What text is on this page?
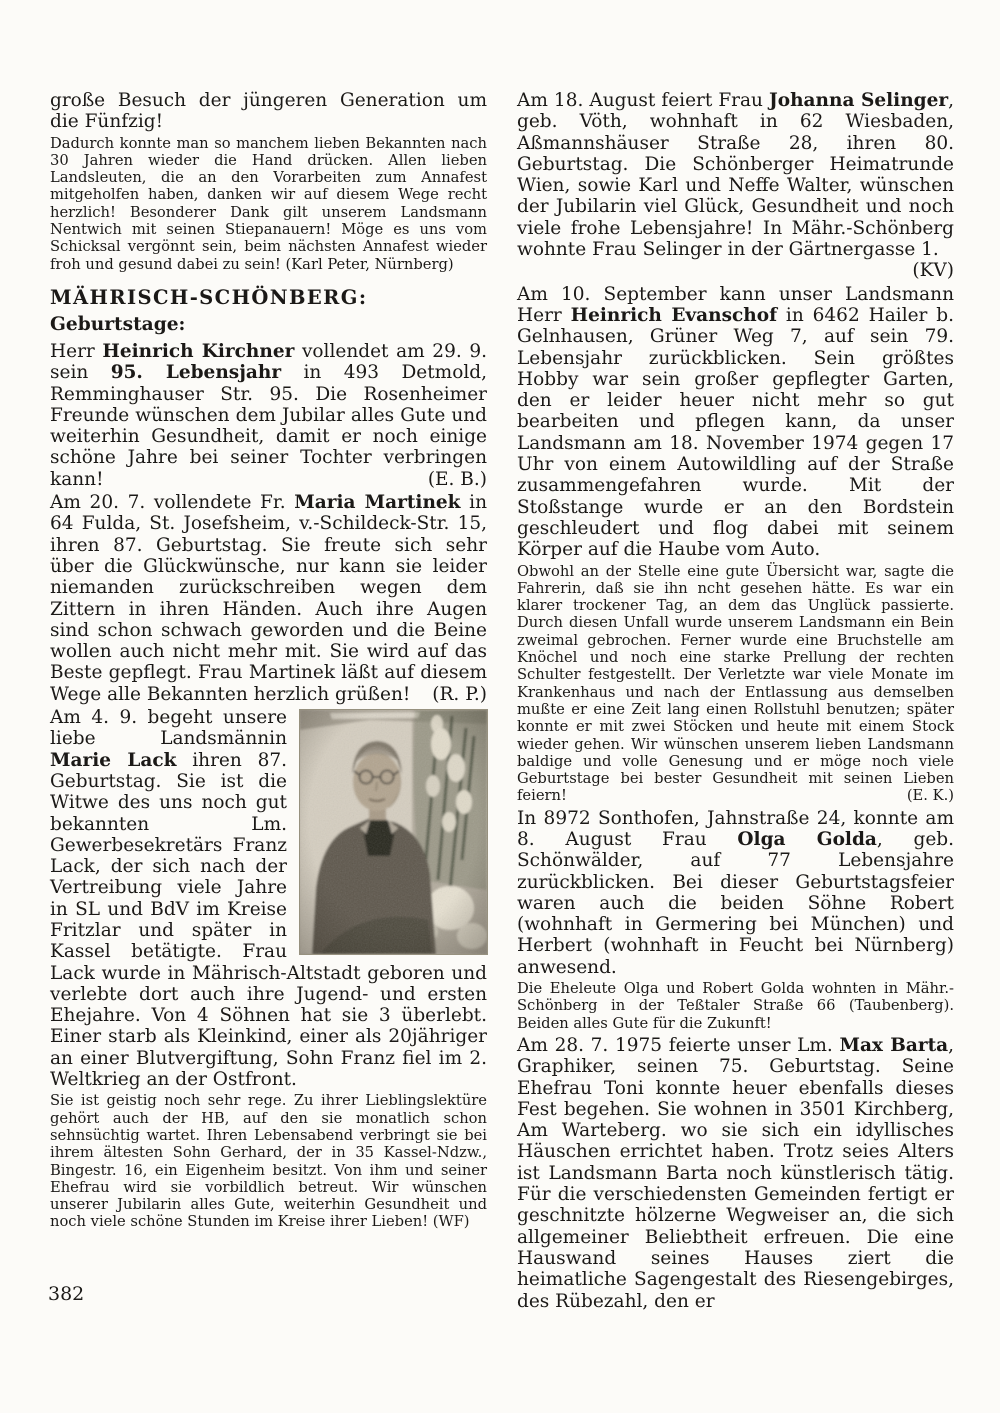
große Besuch der jüngeren Generation um die Fünfzig!

Dadurch konnte man so manchem lieben Bekannten nach 30 Jahren wieder die Hand drücken. Allen lieben Landsleuten, die an den Vorarbeiten zum Annafest mitgeholfen haben, danken wir auf diesem Wege recht herzlich! Besonderer Dank gilt unserem Landsmann Nentwich mit seinen Stiepanauern! Möge es uns vom Schicksal vergönnt sein, beim nächsten Annafest wieder froh und gesund dabei zu sein! (Karl Peter, Nürnberg)

MÄHRISCH-SCHÖNBERG:
Geburtstage:

Herr Heinrich Kirchner vollendet am 29. 9. sein 95. Lebensjahr in 493 Detmold, Remminghauser Str. 95. Die Rosenheimer Freunde wünschen dem Jubilar alles Gute und weiterhin Gesundheit, damit er noch einige schöne Jahre bei seiner Tochter verbringen kann!	(E. B.)

Am 20. 7. vollendete Fr. Maria Martinek in 64 Fulda, St. Josefsheim, v.-Schildeck-Str. 15, ihren 87. Geburtstag. Sie freute sich sehr über die Glückwünsche, nur kann sie leider niemanden zurückschreiben wegen dem Zittern in ihren Händen. Auch ihre Augen sind schon schwach geworden und die Beine wollen auch nicht mehr mit. Sie wird auf das Beste gepflegt. Frau Martinek läßt auf diesem Wege alle Bekannten herzlich grüßen! (R. P.)

Am 4. 9. begeht unsere liebe Landsmännin Marie Lack ihren 87. Geburtstag. Sie ist die Witwe des uns noch gut bekannten Lm. Gewerbesekretärs Franz Lack, der sich nach der Vertreibung viele Jahre in SL und BdV im Kreise Fritzlar und später in Kassel betätigte. Frau Lack wurde in Mährisch-Altstadt geboren und verlebte dort auch ihre Jugend- und ersten Ehejahre. Von 4 Söhnen hat sie 3 überlebt. Einer starb als Kleinkind, einer als 20jähriger an einer Blutvergiftung, Sohn Franz fiel im 2. Weltkrieg an der Ostfront.

Sie ist geistig noch sehr rege. Zu ihrer Lieblingslektüre gehört auch der HB, auf den sie monatlich schon sehnsüchtig wartet. Ihren Lebensabend verbringt sie bei ihrem ältesten Sohn Gerhard, der in 35 Kassel-Ndzw., Bingestr. 16, ein Eigenheim besitzt. Von ihm und seiner Ehefrau wird sie vorbildlich betreut. Wir wünschen unserer Jubilarin alles Gute, weiterhin Gesundheit und noch viele schöne Stunden im Kreise ihrer Lieben! (WF)

Am 18. August feiert Frau Johanna Selinger, geb. Vöth, wohnhaft in 62 Wiesbaden, Aßmannshäuser Straße 28, ihren 80. Geburtstag. Die Schönberger Heimatrunde Wien, sowie Karl und Neffe Walter, wünschen der Jubilarin viel Glück, Gesundheit und noch viele frohe Lebensjahre! In Mähr.-Schönberg wohnte Frau Selinger in der Gärtnergasse 1.
(KV)

Am 10. September kann unser Landsmann Herr Heinrich Evanschof in 6462 Hailer b. Gelnhausen, Grüner Weg 7, auf sein 79. Lebensjahr zurückblicken. Sein größtes Hobby war sein großer gepflegter Garten, den er leider heuer nicht mehr so gut bearbeiten und pflegen kann, da unser Landsmann am 18. November 1974 gegen 17 Uhr von einem Autowildling auf der Straße zusammengefahren wurde. Mit der Stoßstange wurde er an den Bordstein geschleudert und flog dabei mit seinem Körper auf die Haube vom Auto.

Obwohl an der Stelle eine gute Übersicht war, sagte die Fahrerin, daß sie ihn ncht gesehen hätte. Es war ein klarer trockener Tag, an dem das Unglück passierte. Durch diesen Unfall wurde unserem Landsmann ein Bein zweimal gebrochen. Ferner wurde eine Bruchstelle am Knöchel und noch eine starke Prellung der rechten Schulter festgestellt. Der Verletzte war viele Monate im Krankenhaus und nach der Entlassung aus demselben mußte er eine Zeit lang einen Rollstuhl benutzen; später konnte er mit zwei Stöcken und heute mit einem Stock wieder gehen. Wir wünschen unserem lieben Landsmann baldige und volle Genesung und er möge noch viele Geburtstage bei bester Gesundheit mit seinen Lieben feiern!	(E. K.)

In 8972 Sonthofen, Jahnstraße 24, konnte am 8. August Frau Olga Golda, geb. Schönwälder, auf 77 Lebensjahre zurückblicken. Bei dieser Geburtstagsfeier waren auch die beiden Söhne Robert (wohnhaft in Germering bei München) und Herbert (wohnhaft in Feucht bei Nürnberg) anwesend.

Die Eheleute Olga und Robert Golda wohnten in Mähr.-Schönberg in der Teßtaler Straße 66 (Taubenberg). Beiden alles Gute für die Zukunft!

Am 28. 7. 1975 feierte unser Lm. Max Barta, Graphiker, seinen 75. Geburtstag. Seine Ehefrau Toni konnte heuer ebenfalls dieses Fest begehen. Sie wohnen in 3501 Kirchberg, Am Warteberg. wo sie sich ein idyllisches Häuschen errichtet haben. Trotz seies Alters ist Landsmann Barta noch künstlerisch tätig. Für die verschiedensten Gemeinden fertigt er geschnitzte hölzerne Wegweiser an, die sich allgemeiner Beliebtheit erfreuen. Die eine Hauswand seines Hauses ziert die heimatliche Sagengestalt des Riesengebirges, des Rübezahl, den er

382
